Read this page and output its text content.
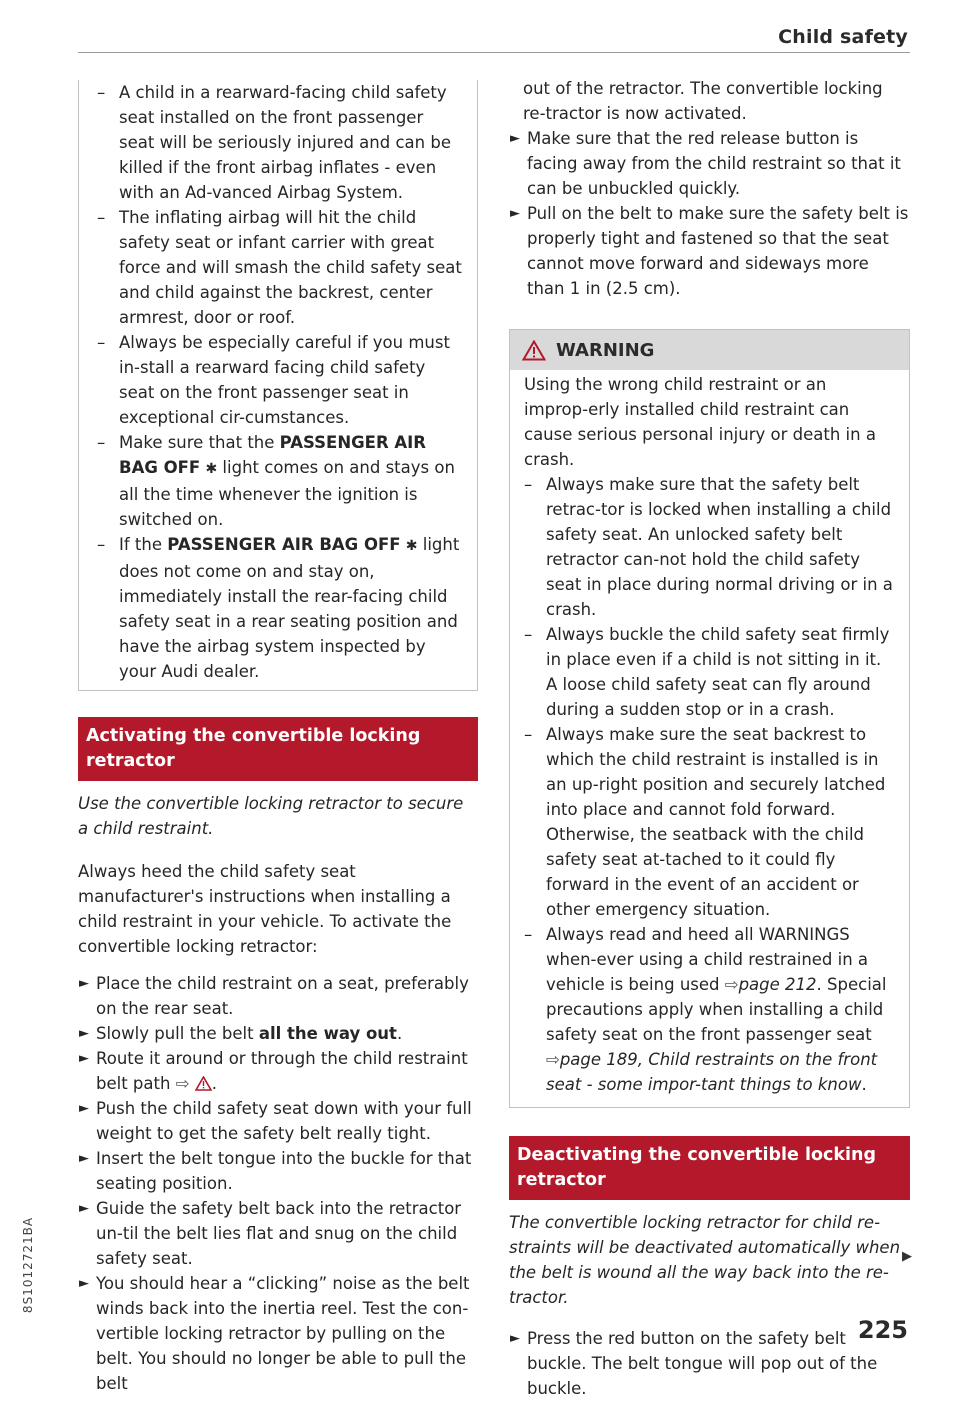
Child safety
8S1012721BA
– A child in a rearward-facing child safety seat installed on the front passenger seat will be seriously injured and can be killed if the front airbag inflates - even with an Ad-vanced Airbag System.
– The inflating airbag will hit the child safety seat or infant carrier with great force and will smash the child safety seat and child against the backrest, center armrest, door or roof.
– Always be especially careful if you must in-stall a rearward facing child safety seat on the front passenger seat in exceptional cir-cumstances.
– Make sure that the PASSENGER AIR BAG OFF ✱ light comes on and stays on all the time whenever the ignition is switched on.
– If the PASSENGER AIR BAG OFF ✱ light does not come on and stay on, immediately install the rear-facing child safety seat in a rear seating position and have the airbag system inspected by your Audi dealer.
Activating the convertible locking retractor

Use the convertible locking retractor to secure a child restraint.

Always heed the child safety seat manufacturer's instructions when installing a child restraint in your vehicle. To activate the convertible locking retractor:

► Place the child restraint on a seat, preferably on the rear seat.
► Slowly pull the belt all the way out.
► Route it around or through the child restraint belt path ⇨ .
► Push the child safety seat down with your full weight to get the safety belt really tight.
► Insert the belt tongue into the buckle for that seating position.
► Guide the safety belt back into the retractor un-til the belt lies flat and snug on the child safety seat.
► You should hear a “clicking” noise as the belt winds back into the inertia reel. Test the con-vertible locking retractor by pulling on the belt. You should no longer be able to pull the belt

out of the retractor. The convertible locking re-tractor is now activated.

► Make sure that the red release button is facing away from the child restraint so that it can be unbuckled quickly.
► Pull on the belt to make sure the safety belt is properly tight and fastened so that the seat cannot move forward and sideways more than 1 in (2.5 cm).
WARNING

Using the wrong child restraint or an improp-erly installed child restraint can cause serious personal injury or death in a crash.

– Always make sure that the safety belt retrac-tor is locked when installing a child safety seat. An unlocked safety belt retractor can-not hold the child safety seat in place during normal driving or in a crash.
– Always buckle the child safety seat firmly in place even if a child is not sitting in it. A loose child safety seat can fly around during a sudden stop or in a crash.
– Always make sure the seat backrest to which the child restraint is installed is in an up-right position and securely latched into place and cannot fold forward. Otherwise, the seatback with the child safety seat at-tached to it could fly forward in the event of an accident or other emergency situation.
– Always read and heed all WARNINGS when-ever using a child restrained in a vehicle is being used ⇨page 212. Special precautions apply when installing a child safety seat on the front passenger seat ⇨page 189, Child restraints on the front seat - some impor-tant things to know.
Deactivating the convertible locking retractor

The convertible locking retractor for child re-straints will be deactivated automatically when the belt is wound all the way back into the re-tractor.

► Press the red button on the safety belt buckle. The belt tongue will pop out of the buckle.
▶
225
